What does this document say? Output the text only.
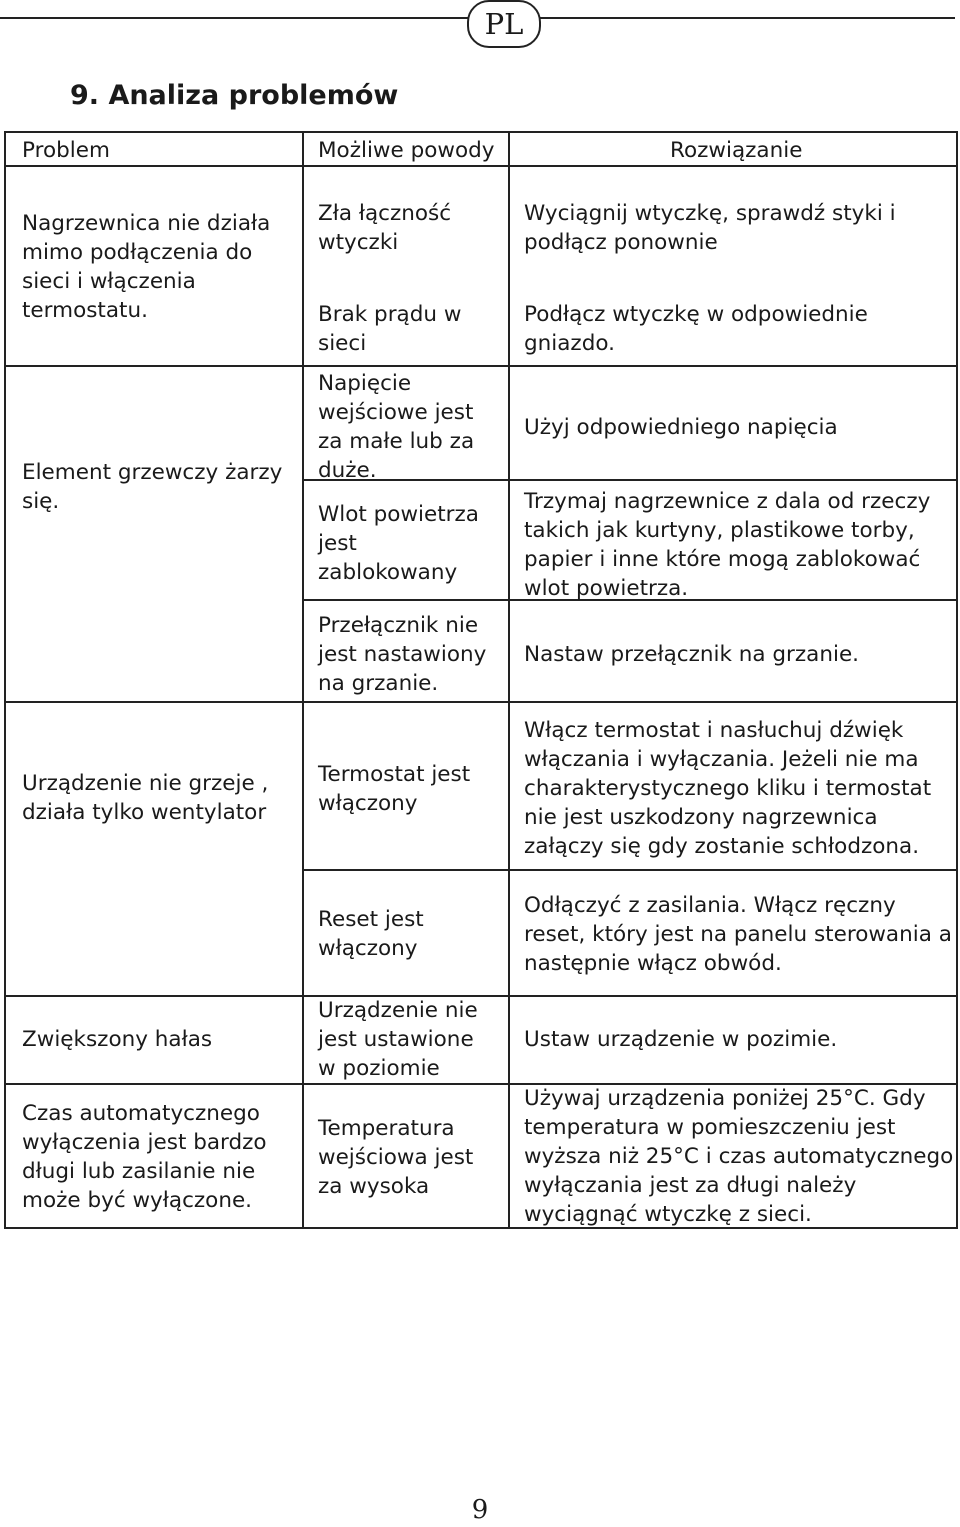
PL
9. Analiza problemów
Problem	Możliwe powody	Rozwiązanie
Nagrzewnica nie działa
mimo podłączenia do
sieci i włączenia
termostatu.
Element grzewczy żarzy
się.
Urządzenie nie grzeje ,
działa tylko wentylator
Zwiększony hałas
Czas automatycznego
wyłączenia jest bardzo
długi lub zasilanie nie
może być wyłączone.
Zła łączność
wtyczki
Brak prądu w
sieci
Napięcie
wejściowe jest
za małe lub za
duże.
Wlot powietrza
jest
zablokowany
Przełącznik nie
jest nastawiony
na grzanie.
Termostat jest
włączony
Reset jest
włączony
Urządzenie nie
jest ustawione
w poziomie
Temperatura
wejściowa jest
za wysoka
Wyciągnij wtyczkę, sprawdź styki i
podłącz ponownie
Podłącz wtyczkę w odpowiednie
gniazdo.
Użyj odpowiedniego napięcia
Trzymaj nagrzewnice z dala od rzeczy
takich jak kurtyny, plastikowe torby,
papier i inne które mogą zablokować
wlot powietrza.
Nastaw przełącznik na grzanie.
Włącz termostat i nasłuchuj dźwięk
włączania i wyłączania. Jeżeli nie ma
charakterystycznego kliku i termostat
nie jest uszkodzony nagrzewnica
załączy się gdy zostanie schłodzona.
Odłączyć z zasilania. Włącz ręczny
reset, który jest na panelu sterowania a
następnie włącz obwód.
Ustaw urządzenie w pozimie.
Używaj urządzenia poniżej 25°C. Gdy
temperatura w pomieszczeniu jest
wyższa niż 25°C i czas automatycznego
wyłączania jest za długi należy
wyciągnąć wtyczkę z sieci.
9
